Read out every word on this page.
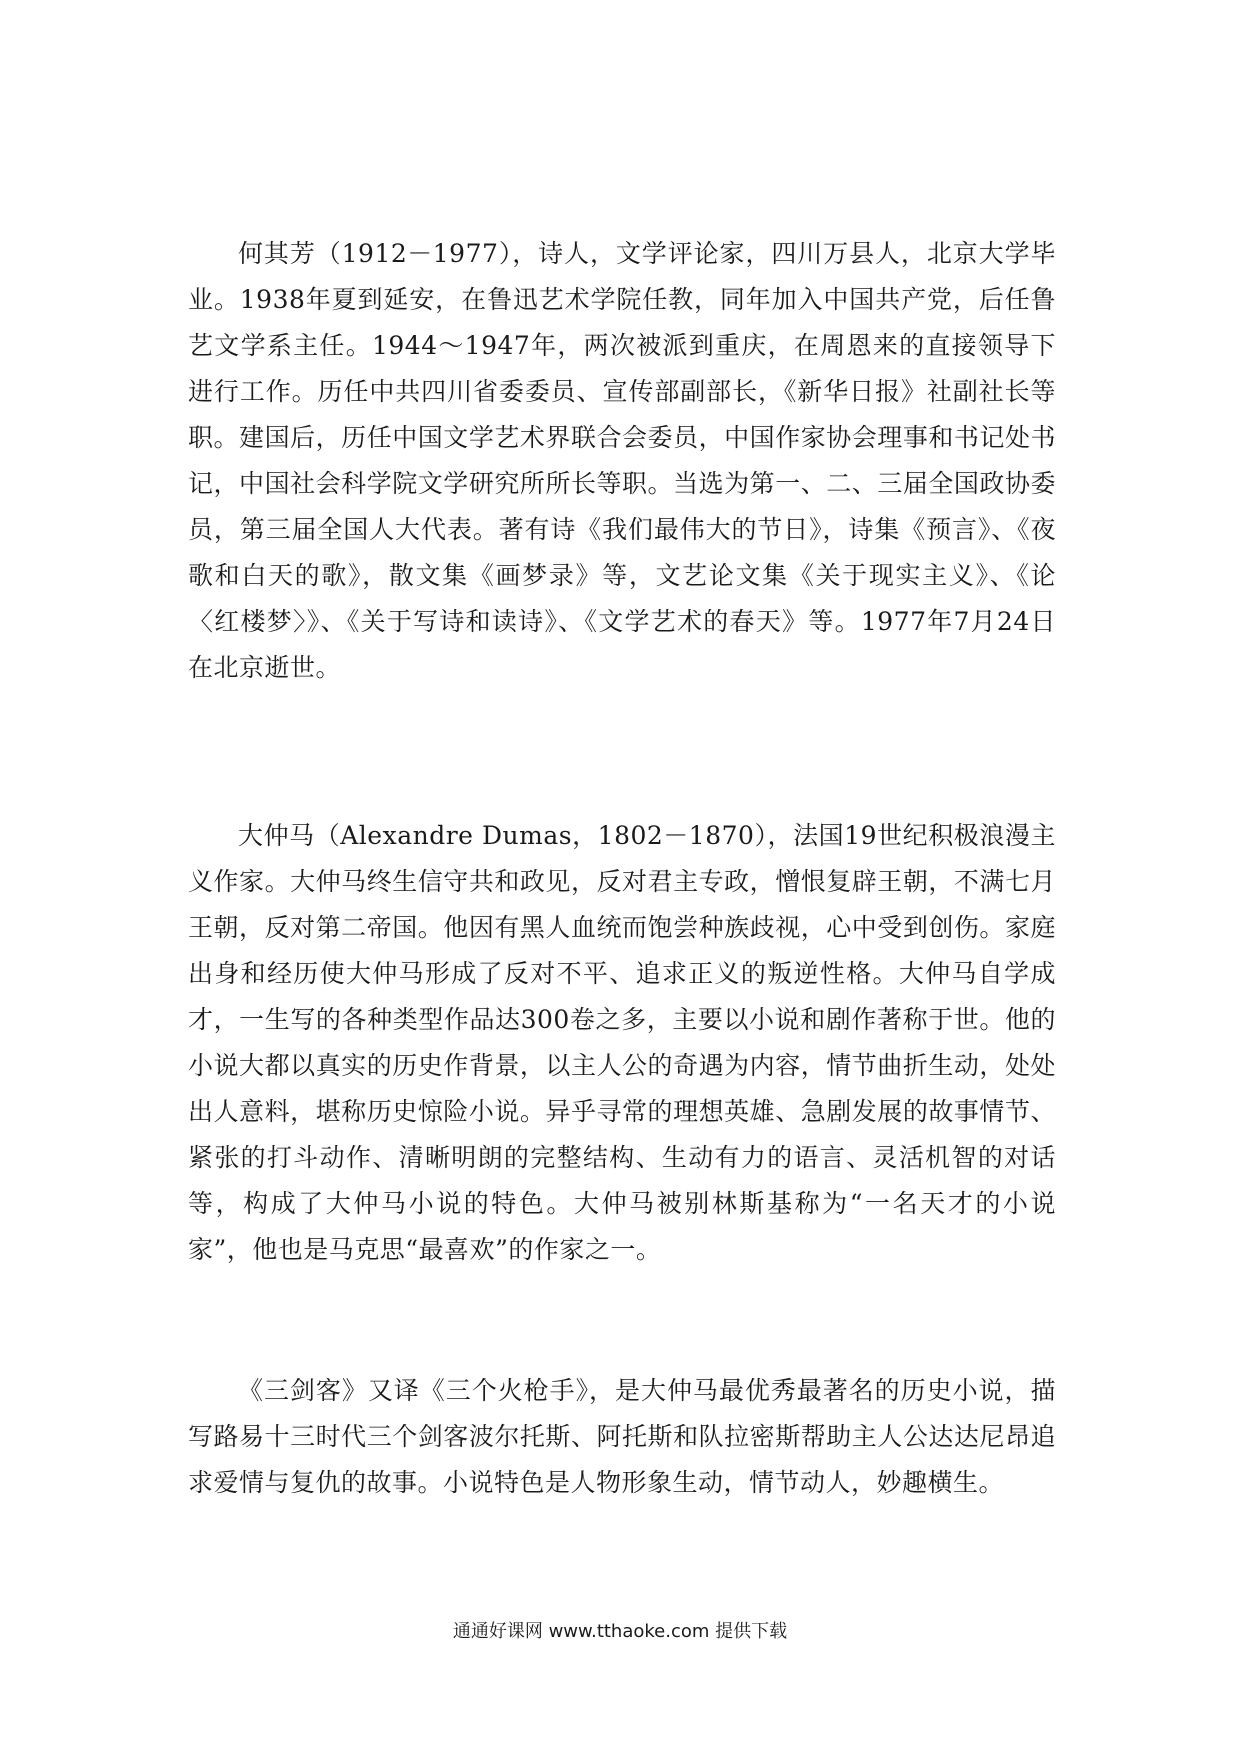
何其芳（1912－1977），诗人，文学评论家，四川万县人，北京大学毕业。1938年夏到延安，在鲁迅艺术学院任教，同年加入中国共产党，后任鲁艺文学系主任。1944～1947年，两次被派到重庆，在周恩来的直接领导下进行工作。历任中共四川省委委员、宣传部副部长，《新华日报》社副社长等职。建国后，历任中国文学艺术界联合会委员，中国作家协会理事和书记处书记，中国社会科学院文学研究所所长等职。当选为第一、二、三届全国政协委员，第三届全国人大代表。著有诗《我们最伟大的节日》，诗集《预言》、《夜歌和白天的歌》，散文集《画梦录》等，文艺论文集《关于现实主义》、《论〈红楼梦〉》、《关于写诗和读诗》、《文学艺术的春天》等。1977年7月24日在北京逝世。

大仲马（Alexandre Dumas，1802－1870），法国19世纪积极浪漫主义作家。大仲马终生信守共和政见，反对君主专政，憎恨复辟王朝，不满七月王朝，反对第二帝国。他因有黑人血统而饱尝种族歧视，心中受到创伤。家庭出身和经历使大仲马形成了反对不平、追求正义的叛逆性格。大仲马自学成才，一生写的各种类型作品达300卷之多，主要以小说和剧作著称于世。他的小说大都以真实的历史作背景，以主人公的奇遇为内容，情节曲折生动，处处出人意料，堪称历史惊险小说。异乎寻常的理想英雄、急剧发展的故事情节、紧张的打斗动作、清晰明朗的完整结构、生动有力的语言、灵活机智的对话等，构成了大仲马小说的特色。大仲马被别林斯基称为“一名天才的小说家”，他也是马克思“最喜欢”的作家之一。

《三剑客》又译《三个火枪手》，是大仲马最优秀最著名的历史小说，描写路易十三时代三个剑客波尔托斯、阿托斯和队拉密斯帮助主人公达达尼昂追求爱情与复仇的故事。小说特色是人物形象生动，情节动人，妙趣横生。

通通好课网 www.tthaoke.com 提供下载
